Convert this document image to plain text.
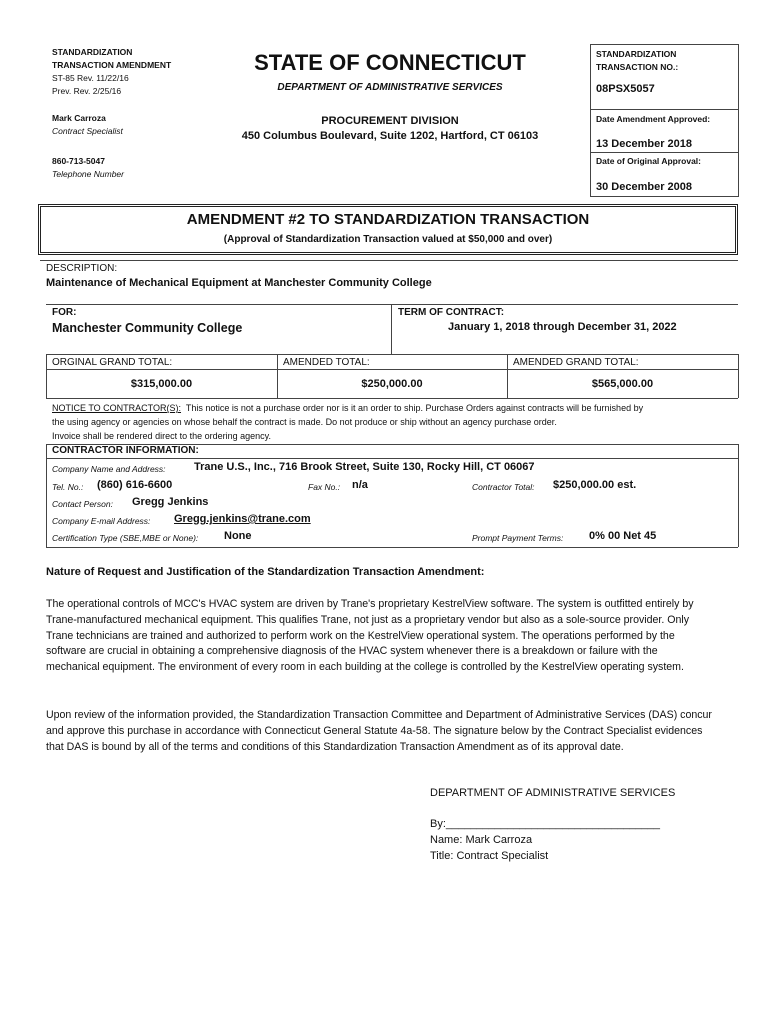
STANDARDIZATION
TRANSACTION AMENDMENT
ST-85 Rev. 11/22/16
Prev. Rev. 2/25/16
Mark Carroza
Contract Specialist
860-713-5047
Telephone Number
STATE OF CONNECTICUT
DEPARTMENT OF ADMINISTRATIVE SERVICES
PROCUREMENT DIVISION
450 Columbus Boulevard, Suite 1202, Hartford, CT 06103
STANDARDIZATION
TRANSACTION NO.:
08PSX5057
Date Amendment Approved:
13 December 2018
Date of Original Approval:
30 December 2008
AMENDMENT #2 TO STANDARDIZATION TRANSACTION
(Approval of Standardization Transaction valued at $50,000 and over)
DESCRIPTION:
Maintenance of Mechanical Equipment at Manchester Community College
FOR:
Manchester Community College
TERM OF CONTRACT:
January 1, 2018 through December 31, 2022
ORGINAL GRAND TOTAL:	AMENDED TOTAL:	AMENDED GRAND TOTAL:
$315,000.00	$250,000.00	$565,000.00
NOTICE TO CONTRACTOR(S): This notice is not a purchase order nor is it an order to ship. Purchase Orders against contracts will be furnished by
the using agency or agencies on whose behalf the contract is made. Do not produce or ship without an agency purchase order.
Invoice shall be rendered direct to the ordering agency.
CONTRACTOR INFORMATION:
Company Name and Address:	Trane U.S., Inc., 716 Brook Street, Suite 130, Rocky Hill, CT 06067
Tel. No.: (860) 616-6600	Fax No.: n/a	Contractor Total: $250,000.00 est.
Contact Person: Gregg Jenkins
Company E-mail Address: Gregg.jenkins@trane.com
Certification Type (SBE,MBE or None): None	Prompt Payment Terms: 0% 00 Net 45
Nature of Request and Justification of the Standardization Transaction Amendment:

The operational controls of MCC's HVAC system are driven by Trane's proprietary KestrelView software. The system is outfitted entirely by Trane-manufactured mechanical equipment. This qualifies Trane, not just as a proprietary vendor but also as a sole-source provider. Only Trane technicians are trained and authorized to perform work on the KestrelView operational system. The operations performed by the software are crucial in obtaining a comprehensive diagnosis of the HVAC system whenever there is a breakdown or failure with the mechanical equipment. The environment of every room in each building at the college is controlled by the KestrelView operating system.

Upon review of the information provided, the Standardization Transaction Committee and Department of Administrative Services (DAS) concur and approve this purchase in accordance with Connecticut General Statute 4a-58. The signature below by the Contract Specialist evidences that DAS is bound by all of the terms and conditions of this Standardization Transaction Amendment as of its approval date.

DEPARTMENT OF ADMINISTRATIVE SERVICES
By:___________________________________
Name: Mark Carroza
Title: Contract Specialist
